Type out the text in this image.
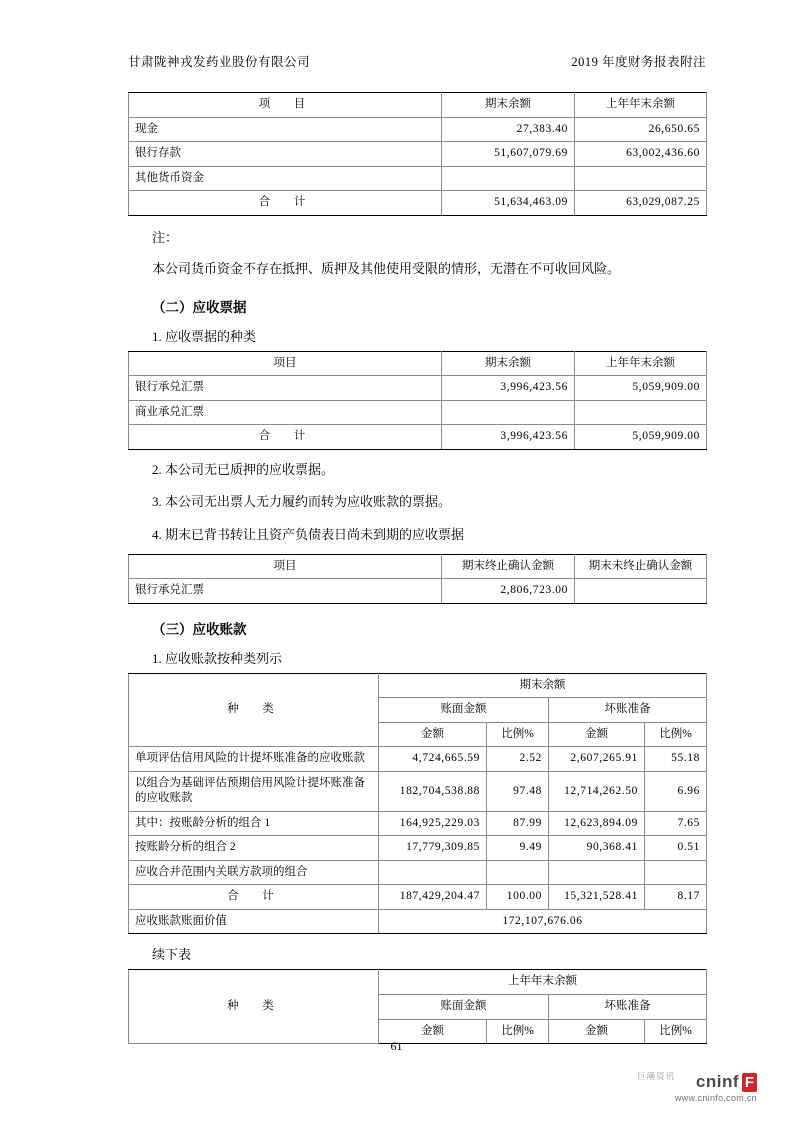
甘肃陇神戎发药业股份有限公司	2019 年度财务报表附注
项　目	期末余额	上年年末余额
现金	27,383.40	26,650.65
银行存款	51,607,079.69	63,002,436.60
其他货币资金		
合　计	51,634,463.09	63,029,087.25
注：
本公司货币资金不存在抵押、质押及其他使用受限的情形，无潜在不可收回风险。
（二）应收票据
1. 应收票据的种类
项目	期末余额	上年年末余额
银行承兑汇票	3,996,423.56	5,059,909.00
商业承兑汇票		
合　计	3,996,423.56	5,059,909.00
2. 本公司无已质押的应收票据。
3. 本公司无出票人无力履约而转为应收账款的票据。
4. 期末已背书转让且资产负债表日尚未到期的应收票据
项目	期末终止确认金额	期末未终止确认金额
银行承兑汇票	2,806,723.00	
（三）应收账款
1. 应收账款按种类列示
种　类	期末余额			
	账面金额		坏账准备	
	金额	比例%	金额	比例%
单项评估信用风险的计提坏账准备的应收账款	4,724,665.59	2.52	2,607,265.91	55.18
以组合为基础评估预期信用风险计提坏账准备的应收账款	182,704,538.88	97.48	12,714,262.50	6.96
其中：按账龄分析的组合 1	164,925,229.03	87.99	12,623,894.09	7.65
按账龄分析的组合 2	17,779,309.85	9.49	90,368.41	0.51
应收合并范围内关联方款项的组合				
合　计	187,429,204.47	100.00	15,321,528.41	8.17
应收账款账面价值	172,107,676.06			
续下表
种　类	上年年末余额			
	账面金额		坏账准备	
	金额	比例%	金额	比例%
61
巨潮资讯 cninf F
www.cninfo.com.cn
